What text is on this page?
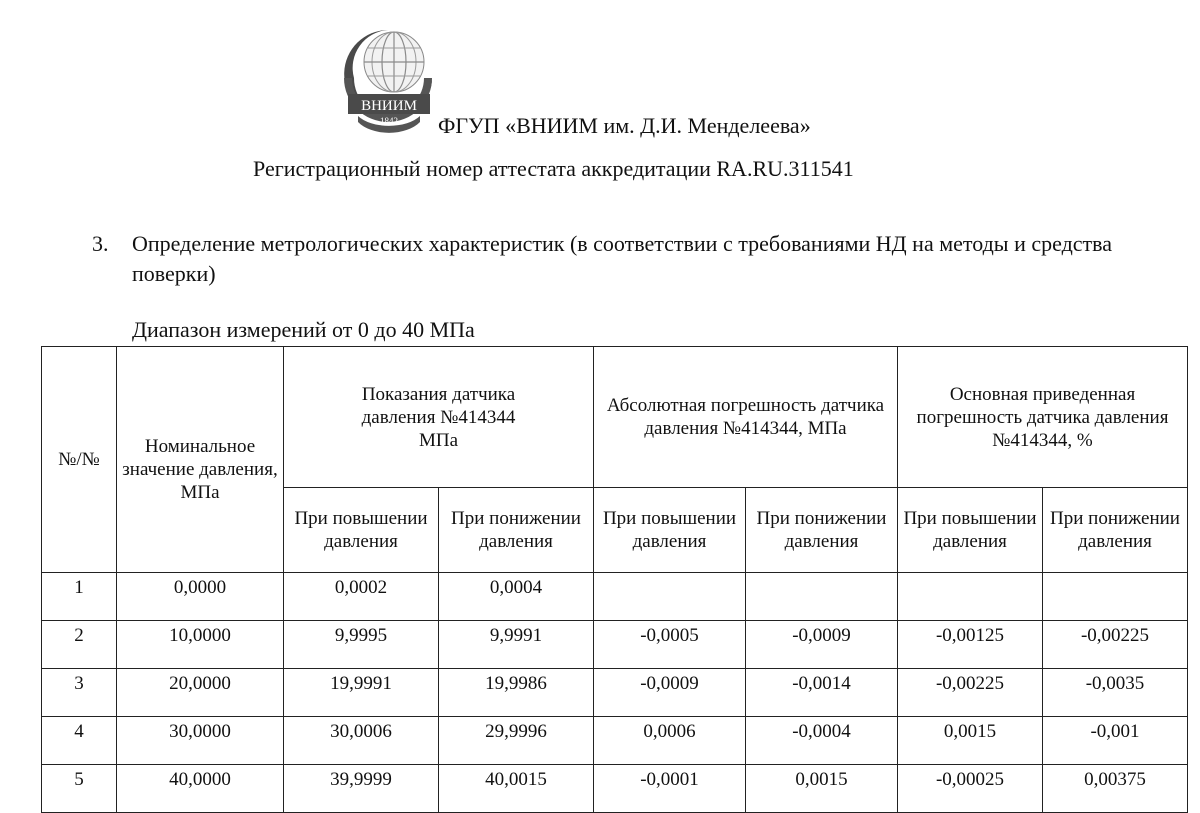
ВНИИМ
1842 ФГУП «ВНИИМ им. Д.И. Менделеева»
Регистрационный номер аттестата аккредитации RA.RU.311541
3. Определение метрологических характеристик (в соответствии с требованиями НД на методы и средства поверки)
Диапазон измерений от 0 до 40 МПа
№/№	Номинальное значение давления, МПа	Показания датчика давления №414344 МПа		Абсолютная погрешность датчика давления №414344, МПа		Основная приведенная погрешность датчика давления №414344, %	
		При повышении давления	При понижении давления	При повышении давления	При понижении давления	При повышении давления	При понижении давления
1	0,0000	0,0002	0,0004				
2	10,0000	9,9995	9,9991	-0,0005	-0,0009	-0,00125	-0,00225
3	20,0000	19,9991	19,9986	-0,0009	-0,0014	-0,00225	-0,0035
4	30,0000	30,0006	29,9996	0,0006	-0,0004	0,0015	-0,001
5	40,0000	39,9999	40,0015	-0,0001	0,0015	-0,00025	0,00375
